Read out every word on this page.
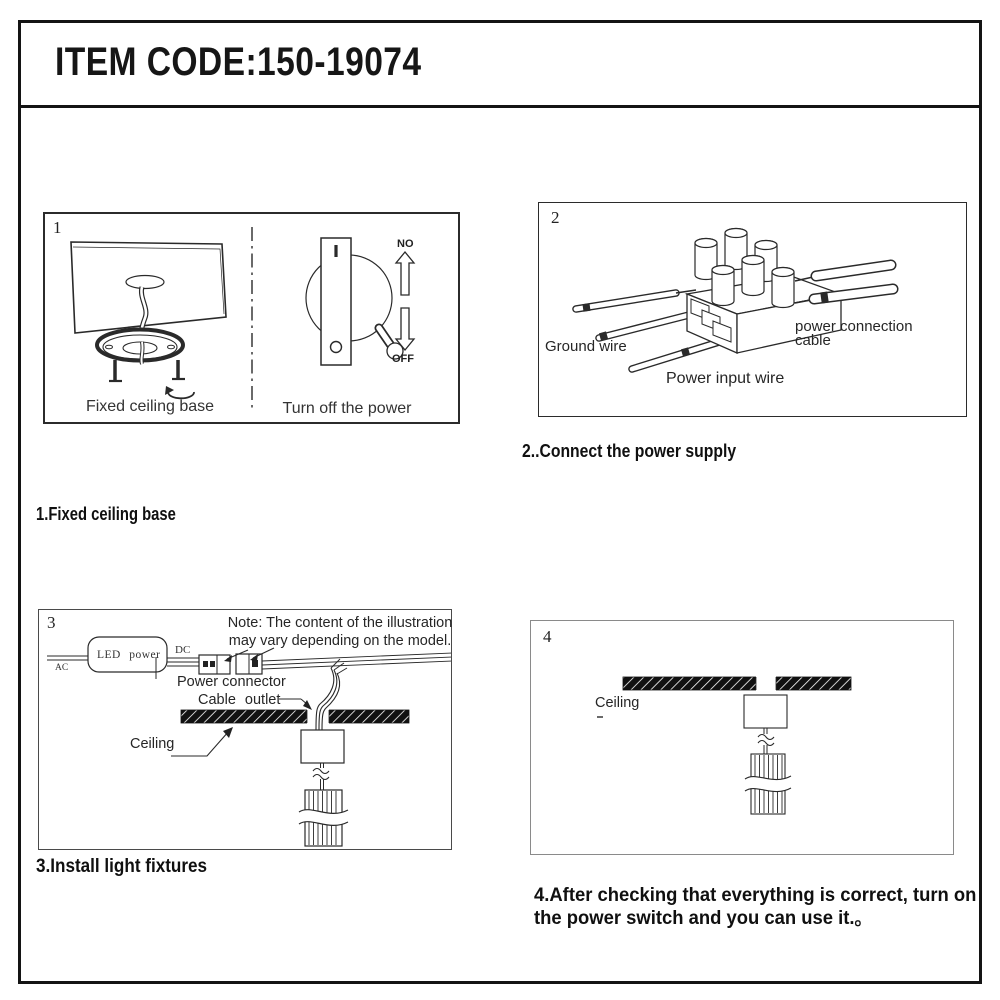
ITEM CODE:150-19074
1
NO
OFF
Fixed ceiling base	Turn off the power
2
Ground wire
power connection
cable
Power input wire
2..Connect the power supply
1.Fixed ceiling base
3	Note: The content of the illustration
may vary depending on the model.
LED power
AC
DC
Power connector
Cable outlet
Ceiling
4
Ceiling
3.Install light fixtures
4.After checking that everything is correct, turn on
the power switch and you can use it.。
